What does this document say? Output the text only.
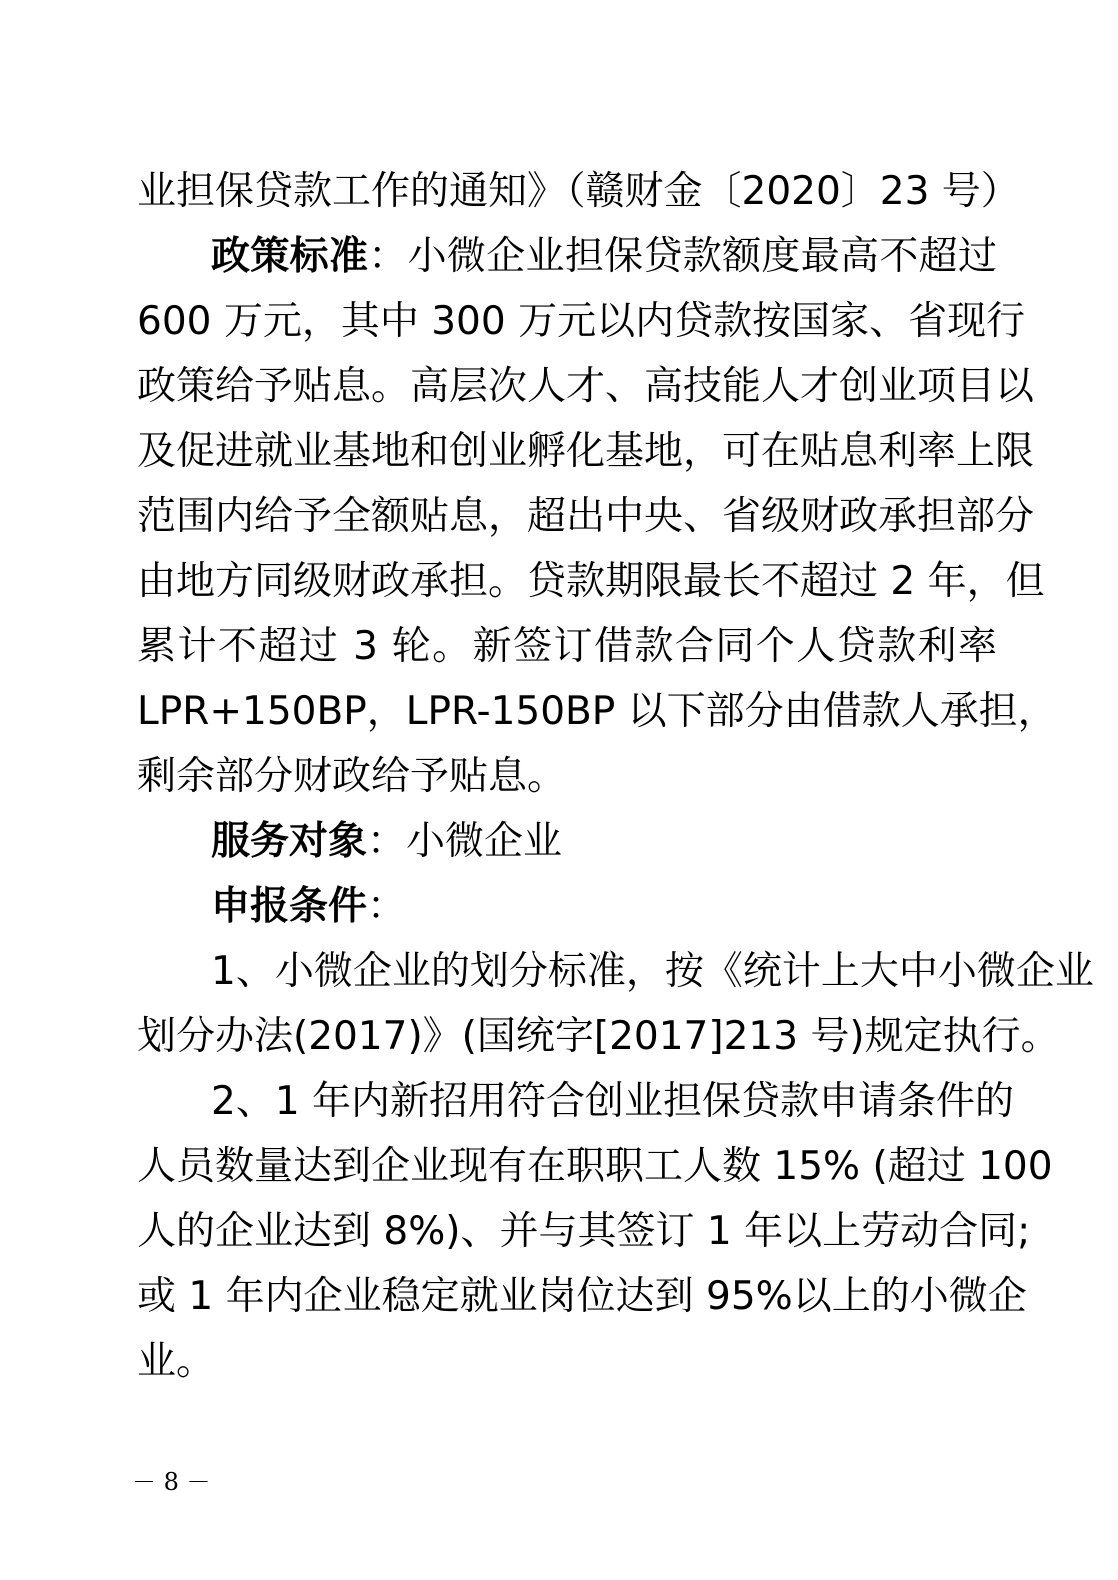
业担保贷款工作的通知》（赣财金〔2020〕23 号）
政策标准：小微企业担保贷款额度最高不超过
600 万元，其中 300 万元以内贷款按国家、省现行
政策给予贴息。高层次人才、高技能人才创业项目以
及促进就业基地和创业孵化基地，可在贴息利率上限
范围内给予全额贴息，超出中央、省级财政承担部分
由地方同级财政承担。贷款期限最长不超过 2 年，但
累计不超过 3 轮。新签订借款合同个人贷款利率
LPR+150BP，LPR-150BP 以下部分由借款人承担，
剩余部分财政给予贴息。
服务对象：小微企业
申报条件：
1、小微企业的划分标准，按《统计上大中小微企业
划分办法(2017)》(国统字[2017]213 号)规定执行。
2、1 年内新招用符合创业担保贷款申请条件的
人员数量达到企业现有在职职工人数 15% (超过 100
人的企业达到 8%)、并与其签订 1 年以上劳动合同;
或 1 年内企业稳定就业岗位达到 95%以上的小微企
业。
－ 8 －
